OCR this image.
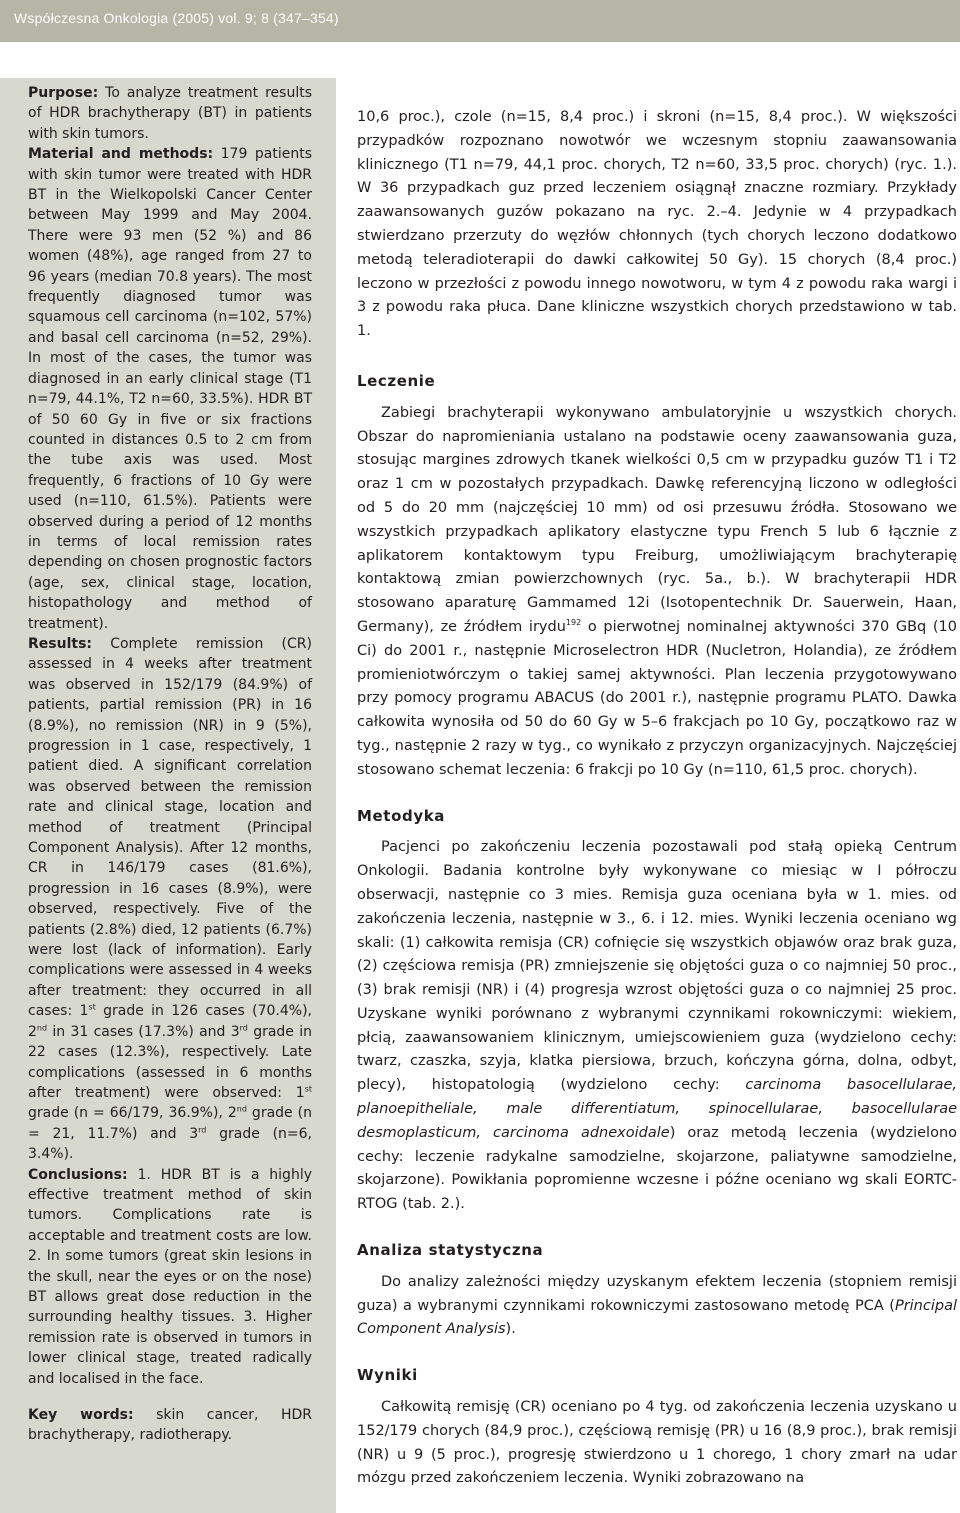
Współczesna Onkologia (2005) vol. 9; 8 (347–354)

Purpose: To analyze treatment results of HDR brachytherapy (BT) in patients with skin tumors.
Material and methods: 179 patients with skin tumor were treated with HDR BT in the Wielkopolski Cancer Center between May 1999 and May 2004. There were 93 men (52 %) and 86 women (48%), age ranged from 27 to 96 years (median 70.8 years). The most frequently diagnosed tumor was squamous cell carcinoma (n=102, 57%) and basal cell carcinoma (n=52, 29%). In most of the cases, the tumor was diagnosed in an early clinical stage (T1 n=79, 44.1%, T2 n=60, 33.5%). HDR BT of 50 60 Gy in five or six fractions counted in distances 0.5 to 2 cm from the tube axis was used. Most frequently, 6 fractions of 10 Gy were used (n=110, 61.5%). Patients were observed during a period of 12 months in terms of local remission rates depending on chosen prognostic factors (age, sex, clinical stage, location, histopathology and method of treatment).
Results: Complete remission (CR) assessed in 4 weeks after treatment was observed in 152/179 (84.9%) of patients, partial remission (PR) in 16 (8.9%), no remission (NR) in 9 (5%), progression in 1 case, respectively, 1 patient died. A significant correlation was observed between the remission rate and clinical stage, location and method of treatment (Principal Component Analysis). After 12 months, CR in 146/179 cases (81.6%), progression in 16 cases (8.9%), were observed, respectively. Five of the patients (2.8%) died, 12 patients (6.7%) were lost (lack of information). Early complications were assessed in 4 weeks after treatment: they occurred in all cases: 1st grade in 126 cases (70.4%), 2nd in 31 cases (17.3%) and 3rd grade in 22 cases (12.3%), respectively. Late complications (assessed in 6 months after treatment) were observed: 1st grade (n = 66/179, 36.9%), 2nd grade (n = 21, 11.7%) and 3rd grade (n=6, 3.4%).
Conclusions: 1. HDR BT is a highly effective treatment method of skin tumors. Complications rate is acceptable and treatment costs are low. 2. In some tumors (great skin lesions in the skull, near the eyes or on the nose) BT allows great dose reduction in the surrounding healthy tissues. 3. Higher remission rate is observed in tumors in lower clinical stage, treated radically and localised in the face.

Key words: skin cancer, HDR brachytherapy, radiotherapy.

10,6 proc.), czole (n=15, 8,4 proc.) i skroni (n=15, 8,4 proc.). W większości przypadków rozpoznano nowotwór we wczesnym stopniu zaawansowania klinicznego (T1 n=79, 44,1 proc. chorych, T2 n=60, 33,5 proc. chorych) (ryc. 1.). W 36 przypadkach guz przed leczeniem osiągnął znaczne rozmiary. Przykłady zaawansowanych guzów pokazano na ryc. 2.–4. Jedynie w 4 przypadkach stwierdzano przerzuty do węzłów chłonnych (tych chorych leczono dodatkowo metodą teleradioterapii do dawki całkowitej 50 Gy). 15 chorych (8,4 proc.) leczono w przezłości z powodu innego nowotworu, w tym 4 z powodu raka wargi i 3 z powodu raka płuca. Dane kliniczne wszystkich chorych przedstawiono w tab. 1.

Leczenie

Zabiegi brachyterapii wykonywano ambulatoryjnie u wszystkich chorych. Obszar do napromieniania ustalano na podstawie oceny zaawansowania guza, stosując margines zdrowych tkanek wielkości 0,5 cm w przypadku guzów T1 i T2 oraz 1 cm w pozostałych przypadkach. Dawkę referencyjną liczono w odległości od 5 do 20 mm (najczęściej 10 mm) od osi przesuwu źródła. Stosowano we wszystkich przypadkach aplikatory elastyczne typu French 5 lub 6 łącznie z aplikatorem kontaktowym typu Freiburg, umożliwiającym brachyterapię kontaktową zmian powierzchownych (ryc. 5a., b.). W brachyterapii HDR stosowano aparaturę Gammamed 12i (Isotopentechnik Dr. Sauerwein, Haan, Germany), ze źródłem irydu$^{192}$ o pierwotnej nominalnej aktywności 370 GBq (10 Ci) do 2001 r., następnie Microselectron HDR (Nucletron, Holandia), ze źródłem promieniotwórczym o takiej samej aktywności. Plan leczenia przygotowywano przy pomocy programu ABACUS (do 2001 r.), następnie programu PLATO. Dawka całkowita wynosiła od 50 do 60 Gy w 5–6 frakcjach po 10 Gy, początkowo raz w tyg., następnie 2 razy w tyg., co wynikało z przyczyn organizacyjnych. Najczęściej stosowano schemat leczenia: 6 frakcji po 10 Gy (n=110, 61,5 proc. chorych).

Metodyka

Pacjenci po zakończeniu leczenia pozostawali pod stałą opieką Centrum Onkologii. Badania kontrolne były wykonywane co miesiąc w I półroczu obserwacji, następnie co 3 mies. Remisja guza oceniana była w 1. mies. od zakończenia leczenia, następnie w 3., 6. i 12. mies. Wyniki leczenia oceniano wg skali: (1) całkowita remisja (CR) cofnięcie się wszystkich objawów oraz brak guza, (2) częściowa remisja (PR) zmniejszenie się objętości guza o co najmniej 50 proc., (3) brak remisji (NR) i (4) progresja wzrost objętości guza o co najmniej 25 proc. Uzyskane wyniki porównano z wybranymi czynnikami rokowniczymi: wiekiem, płcią, zaawansowaniem klinicznym, umiejscowieniem guza (wydzielono cechy: twarz, czaszka, szyja, klatka piersiowa, brzuch, kończyna górna, dolna, odbyt, plecy), histopatologią (wydzielono cechy: carcinoma basocellularae, planoepitheliale, male differentiatum, spinocellularae, basocellularae desmoplasticum, carcinoma adnexoidale) oraz metodą leczenia (wydzielono cechy: leczenie radykalne samodzielne, skojarzone, paliatywne samodzielne, skojarzone). Powikłania popromienne wczesne i późne oceniano wg skali EORTC-RTOG (tab. 2.).

Analiza statystyczna

Do analizy zależności między uzyskanym efektem leczenia (stopniem remisji guza) a wybranymi czynnikami rokowniczymi zastosowano metodę PCA (Principal Component Analysis).

Wyniki

Całkowitą remisję (CR) oceniano po 4 tyg. od zakończenia leczenia uzyskano u 152/179 chorych (84,9 proc.), częściową remisję (PR) u 16 (8,9 proc.), brak remisji (NR) u 9 (5 proc.), progresję stwierdzono u 1 chorego, 1 chory zmarł na udar mózgu przed zakończeniem leczenia. Wyniki zobrazowano na
